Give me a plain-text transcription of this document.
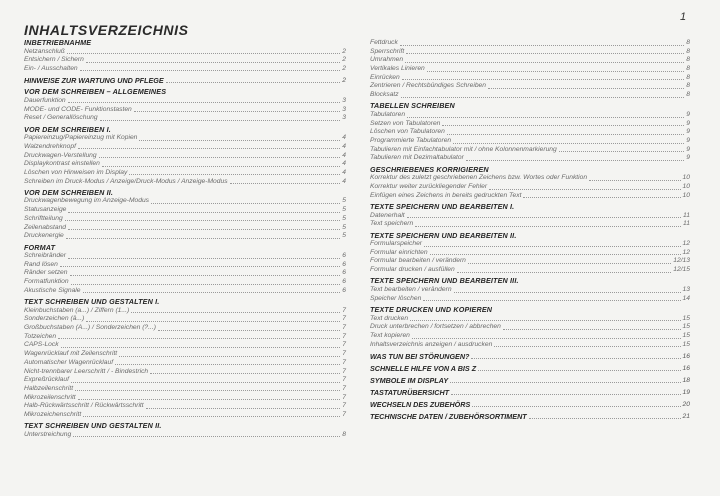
1
INHALTSVERZEICHNIS
INBETRIEBNAHME
Netzanschluß	2
Entsichern / Sichern	2
Ein- / Ausschalten	2
HINWEISE ZUR WARTUNG UND PFLEGE	2
VOR DEM SCHREIBEN – ALLGEMEINES
Dauerfunktion	3
MODE- und CODE- Funktionstasten	3
Reset / Generallöschung	3
VOR DEM SCHREIBEN I.
Papiereinzug/Papiereinzug mit Kopien	4
Walzendrehknopf	4
Druckwagen-Verstellung	4
Displaykontrast einstellen	4
Löschen von Hinweisen im Display	4
Schreiben im Druck-Modus / Anzeige/Druck-Modus / Anzeige-Modus	4
VOR DEM SCHREIBEN II.
Druckwagenbewegung im Anzeige-Modus	5
Statusanzeige	5
Schriftteilung	5
Zeilenabstand	5
Druckenergie	5
FORMAT
Schreibränder	6
Rand lösen	6
Ränder setzen	6
Formatfunktion	6
Akustische Signale	6
TEXT SCHREIBEN UND GESTALTEN I.
Kleinbuchstaben (a...) / Ziffern (1...)	7
Sonderzeichen (ä...)	7
Großbuchstaben (A...) / Sonderzeichen (?...)	7
Totzeichen	7
CAPS-Lock	7
Wagenrücklauf mit Zeilenschritt	7
Automatischer Wagenrücklauf	7
Nicht-trennbarer Leerschritt / - Bindestrich	7
Expreßrücklauf	7
Halbzeilenschritt	7
Mikrozeilenschritt	7
Halb-Rückwärtsschritt / Rückwärtsschritt	7
Mikrozeichenschritt	7
TEXT SCHREIBEN UND GESTALTEN II.
Unterstreichung	8
Fettdruck	8
Sperrschrift	8
Umrahmen	8
Vertikales Linieren	8
Einrücken	8
Zentrieren / Rechtsbündiges Schreiben	8
Blocksatz	8
TABELLEN SCHREIBEN
Tabulatoren	9
Setzen von Tabulatoren	9
Löschen von Tabulatoren	9
Programmierte Tabulatoren	9
Tabulieren mit Einfachtabulator mit / ohne Kolonnenmarkierung	9
Tabulieren mit Dezimaltabulator	9
GESCHRIEBENES KORRIGIEREN
Korrektur des zuletzt geschriebenen Zeichens bzw. Wortes oder Funktion	10
Korrektur weiter zurückliegender Fehler	10
Einfügen eines Zeichens in bereits gedruckten Text	10
TEXTE SPEICHERN UND BEARBEITEN I.
Datenerhalt	11
Text speichern	11
TEXTE SPEICHERN UND BEARBEITEN II.
Formularspeicher	12
Formular einrichten	12
Formular bearbeiten / verändern	12/13
Formular drucken / ausfüllen	12/15
TEXTE SPEICHERN UND BEARBEITEN III.
Text bearbeiten / verändern	13
Speicher löschen	14
TEXTE DRUCKEN UND KOPIEREN
Text drucken	15
Druck unterbrechen / fortsetzen / abbrechen	15
Text kopieren	15
Inhaltsverzeichnis anzeigen / ausdrucken	15
WAS TUN BEI STÖRUNGEN?	16
SCHNELLE HILFE VON A BIS Z	16
SYMBOLE IM DISPLAY	18
TASTATURÜBERSICHT	19
WECHSELN DES ZUBEHÖRS	20
TECHNISCHE DATEN / ZUBEHÖRSORTIMENT	21
